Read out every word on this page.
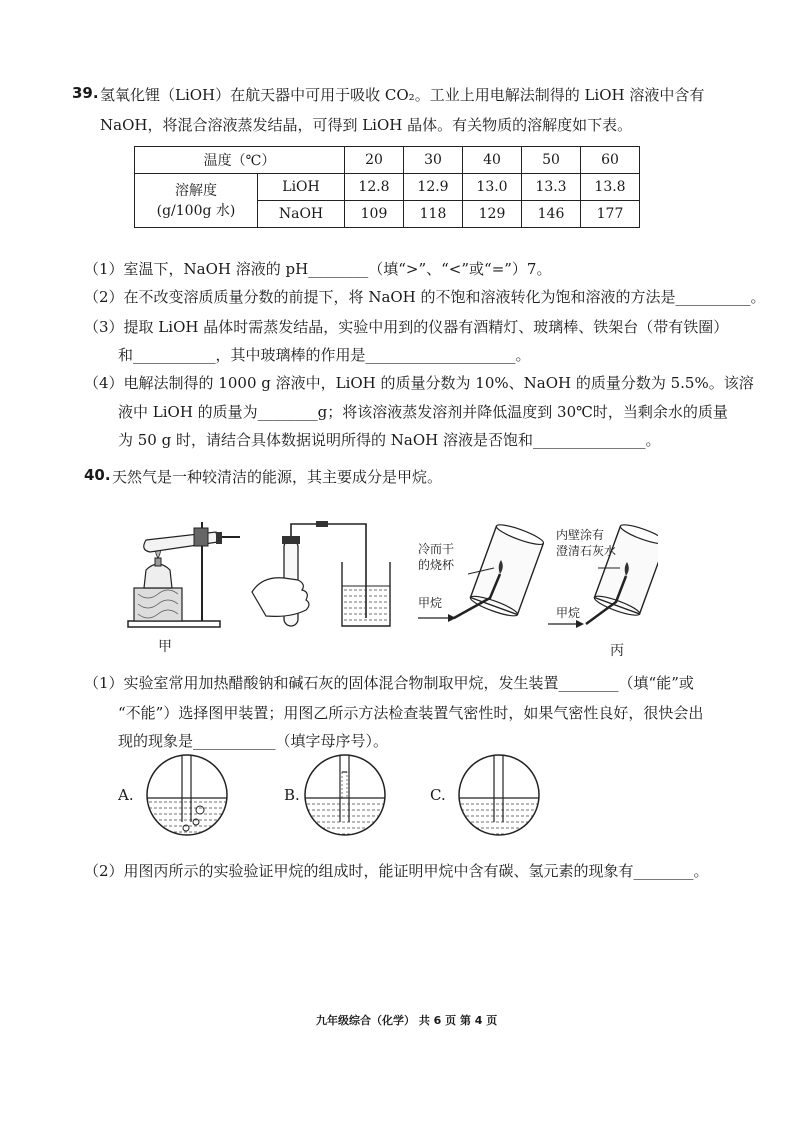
39. 氢氧化锂（LiOH）在航天器中可用于吸收 CO₂。工业上用电解法制得的 LiOH 溶液中含有
NaOH，将混合溶液蒸发结晶，可得到 LiOH 晶体。有关物质的溶解度如下表。
温度（℃）		20	30	40	50	60

溶解度
(g/100g 水)	LiOH	12.8	12.9	13.0	13.3	13.8
	NaOH	109	118	129	146	177
（1）室温下，NaOH 溶液的 pH________（填“>”、“<”或“=”）7。
（2）在不改变溶质质量分数的前提下，将 NaOH 的不饱和溶液转化为饱和溶液的方法是__________。
（3）提取 LiOH 晶体时需蒸发结晶，实验中用到的仪器有酒精灯、玻璃棒、铁架台（带有铁圈）
和___________，其中玻璃棒的作用是____________________。
（4）电解法制得的 1000 g 溶液中，LiOH 的质量分数为 10%、NaOH 的质量分数为 5.5%。该溶
液中 LiOH 的质量为________g；将该溶液蒸发溶剂并降低温度到 30℃时，当剩余水的质量
为 50 g 时，请结合具体数据说明所得的 NaOH 溶液是否饱和_______________。
40. 天然气是一种较清洁的能源，其主要成分是甲烷。
甲
冷而干
的烧杯
甲烷
内壁涂有
澄清石灰水
甲烷
丙
（1）实验室常用加热醋酸钠和碱石灰的固体混合物制取甲烷，发生装置________（填“能”或
“不能”）选择图甲装置；用图乙所示方法检查装置气密性时，如果气密性良好，很快会出
现的现象是___________（填字母序号）。
A.	B.	C.
（2）用图丙所示的实验验证甲烷的组成时，能证明甲烷中含有碳、氢元素的现象有________。
九年级综合（化学） 共 6 页 第 4 页
